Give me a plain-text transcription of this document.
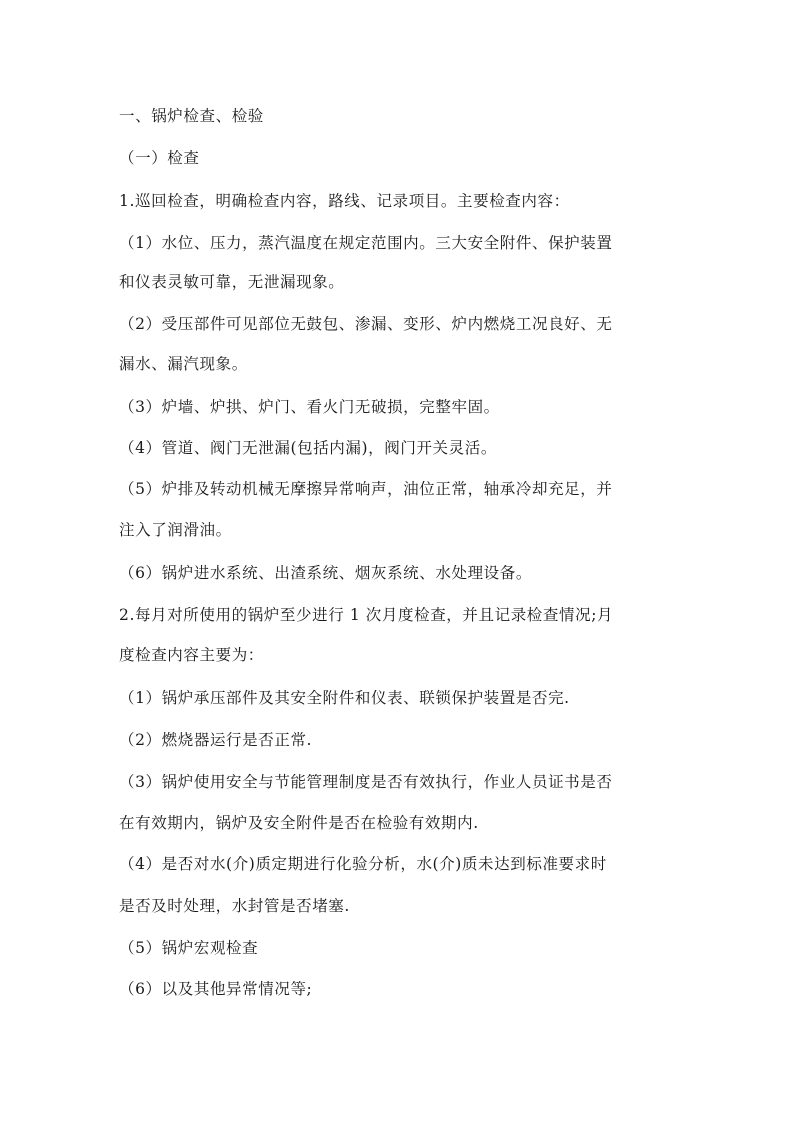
一、锅炉检查、检验
（一）检查
1.巡回检查，明确检查内容，路线、记录项目。主要检查内容：
（1）水位、压力，蒸汽温度在规定范围内。三大安全附件、保护装置
和仪表灵敏可靠，无泄漏现象。
（2）受压部件可见部位无鼓包、渗漏、变形、炉内燃烧工况良好、无
漏水、漏汽现象。
（3）炉墙、炉拱、炉门、看火门无破损，完整牢固。
（4）管道、阀门无泄漏(包括内漏)，阀门开关灵活。
（5）炉排及转动机械无摩擦异常响声，油位正常，轴承冷却充足，并
注入了润滑油。
（6）锅炉进水系统、出渣系统、烟灰系统、水处理设备。
2.每月对所使用的锅炉至少进行 1 次月度检查，并且记录检查情况;月
度检查内容主要为：
（1）锅炉承压部件及其安全附件和仪表、联锁保护装置是否完.
（2）燃烧器运行是否正常.
（3）锅炉使用安全与节能管理制度是否有效执行，作业人员证书是否
在有效期内，锅炉及安全附件是否在检验有效期内.
（4）是否对水(介)质定期进行化验分析，水(介)质未达到标准要求时
是否及时处理，水封管是否堵塞.
（5）锅炉宏观检查
（6）以及其他异常情况等;
